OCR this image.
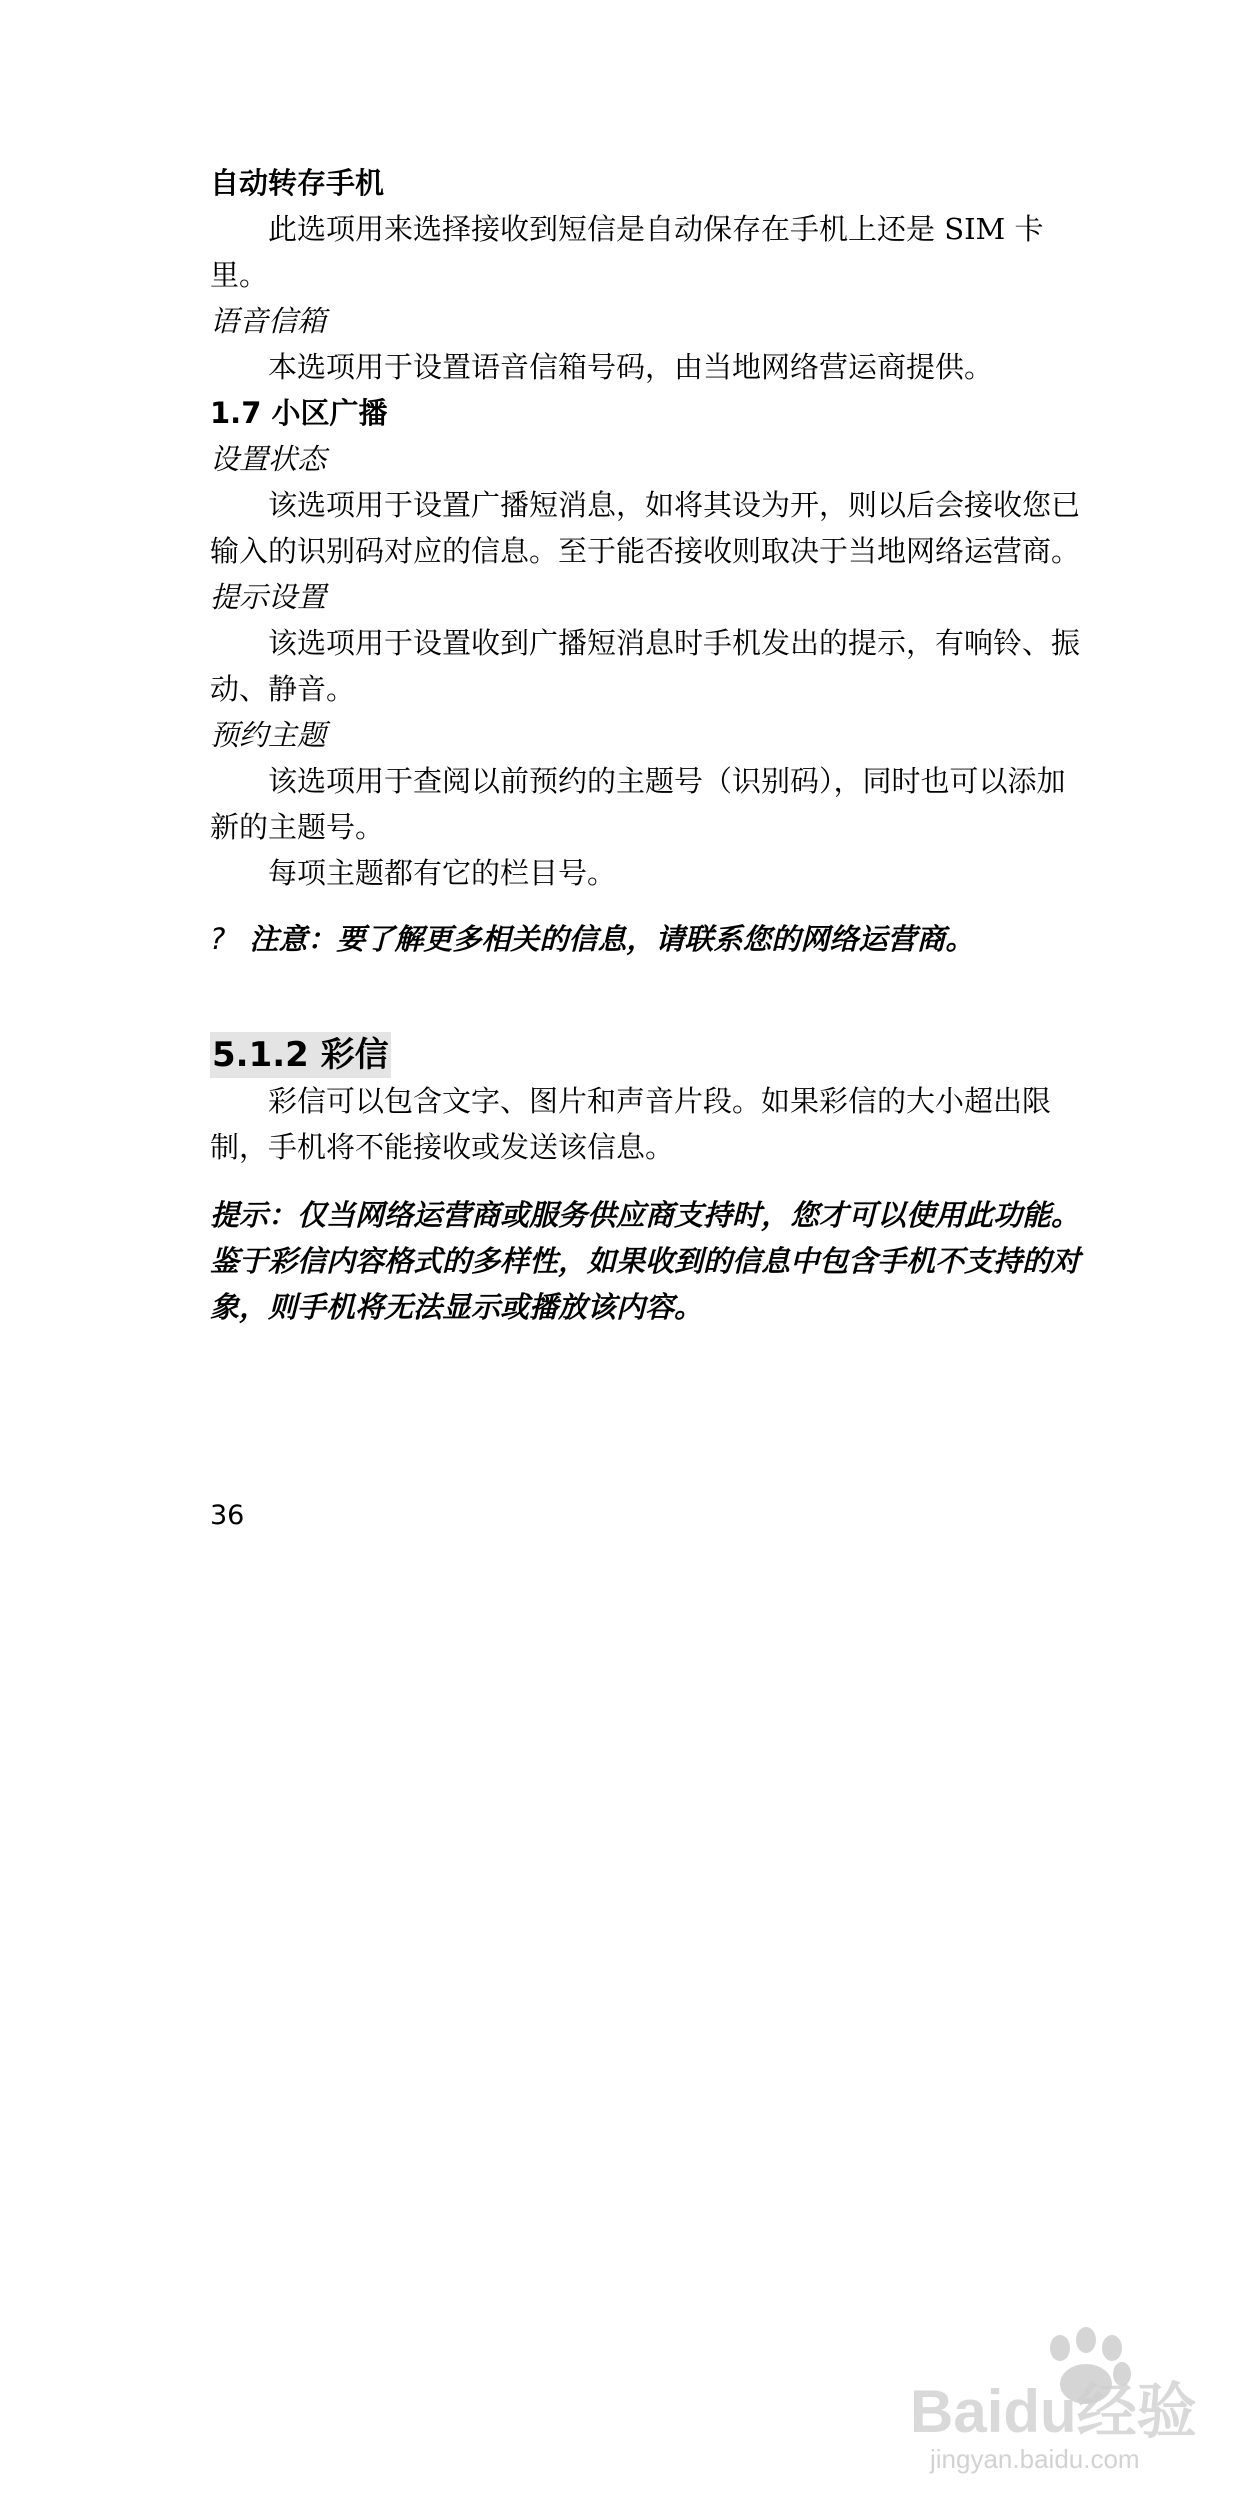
自动转存手机

此选项用来选择接收到短信是自动保存在手机上还是 SIM 卡里。

语音信箱

本选项用于设置语音信箱号码，由当地网络营运商提供。

1.7 小区广播

设置状态

该选项用于设置广播短消息，如将其设为开，则以后会接收您已输入的识别码对应的信息。至于能否接收则取决于当地网络运营商。

提示设置

该选项用于设置收到广播短消息时手机发出的提示，有响铃、振动、静音。

预约主题

该选项用于查阅以前预约的主题号（识别码），同时也可以添加新的主题号。

每项主题都有它的栏目号。

? 注意：要了解更多相关的信息，请联系您的网络运营商。

5.1.2 彩信

彩信可以包含文字、图片和声音片段。如果彩信的大小超出限制，手机将不能接收或发送该信息。

提示：仅当网络运营商或服务供应商支持时，您才可以使用此功能。鉴于彩信内容格式的多样性，如果收到的信息中包含手机不支持的对象，则手机将无法显示或播放该内容。

36
Baidu经验
jingyan.baidu.com
